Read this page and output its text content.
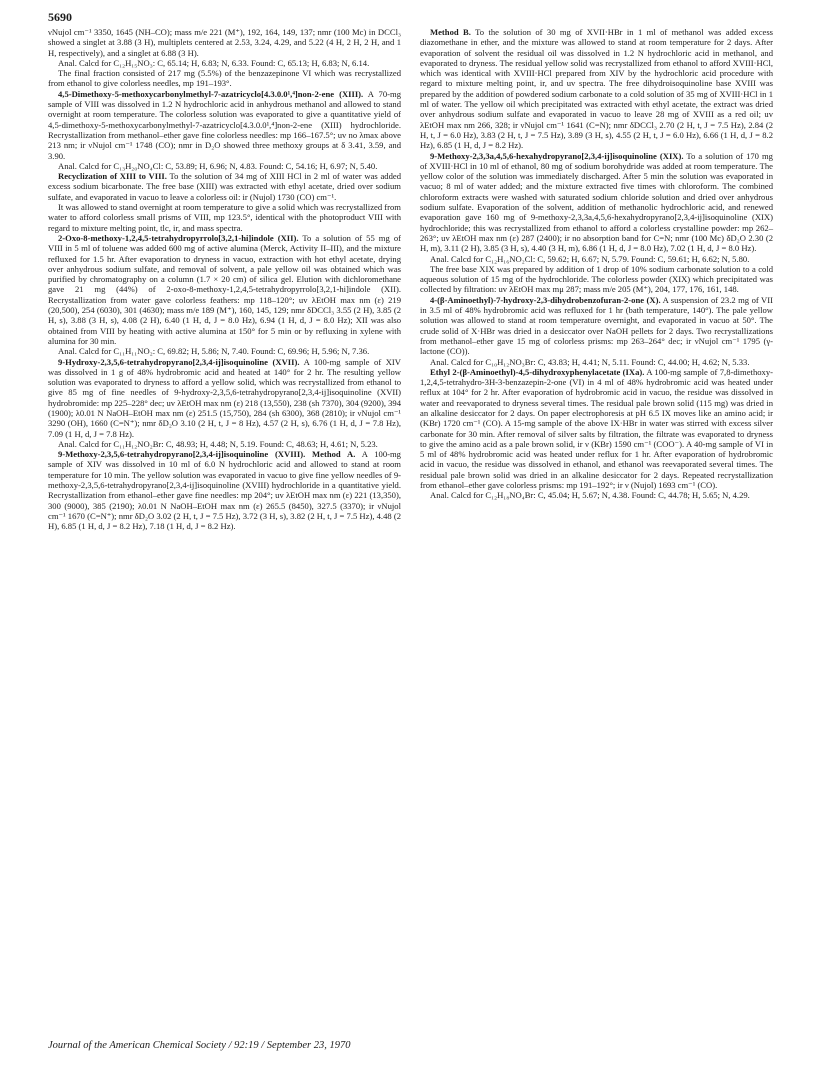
5690

νNujol cm⁻¹ 3350, 1645 (NH–CO); mass m/e 221 (M⁺), 192, 164, 149, 137; nmr (100 Mc) in DCCl₃ showed a singlet at 3.88 (3 H), multiplets centered at 2.53, 3.24, 4.29, and 5.22 (4 H, 2 H, 2 H, and 1 H, respectively), and a singlet at 6.88 (3 H).

Anal. Calcd for C₁₂H₁₅NO₃: C, 65.14; H, 6.83; N, 6.33. Found: C, 65.13; H, 6.83; N, 6.14.

The final fraction consisted of 217 mg (5.5%) of the benzazepinone VI which was recrystallized from ethanol to give colorless needles, mp 191–193°.

4,5-Dimethoxy-5-methoxycarbonylmethyl-7-azatricyclo[4.3.0.0¹,⁴]non-2-ene (XIII). A 70-mg sample of VIII was dissolved in 1.2 N hydrochloric acid in anhydrous methanol and allowed to stand overnight at room temperature. The colorless solution was evaporated to give a quantitative yield of 4,5-dimethoxy-5-methoxycarbonylmethyl-7-azatricyclo[4.3.0.0¹,⁴]non-2-ene (XIII) hydrochloride. Recrystallization from methanol–ether gave fine colorless needles: mp 166–167.5°; uv no λmax above 213 nm; ir νNujol cm⁻¹ 1748 (CO); nmr in D₂O showed three methoxy groups at δ 3.41, 3.59, and 3.90.

Anal. Calcd for C₁₃H₂₀NO₄Cl: C, 53.89; H, 6.96; N, 4.83. Found: C, 54.16; H, 6.97; N, 5.40.

Recyclization of XIII to VIII. To the solution of 34 mg of XIII HCl in 2 ml of water was added excess sodium bicarbonate. The free base (XIII) was extracted with ethyl acetate, dried over sodium sulfate, and evaporated in vacuo to leave a colorless oil: ir (Nujol) 1730 (CO) cm⁻¹.

It was allowed to stand overnight at room temperature to give a solid which was recrystallized from water to afford colorless small prisms of VIII, mp 123.5°, identical with the photoproduct VIII with regard to mixture melting point, tlc, ir, and mass spectra.

2-Oxo-8-methoxy-1,2,4,5-tetrahydropyrrolo[3,2,1-hi]indole (XII). To a solution of 55 mg of VIII in 5 ml of toluene was added 600 mg of active alumina (Merck, Activity II–III), and the mixture refluxed for 1.5 hr. After evaporation to dryness in vacuo, extraction with hot ethyl acetate, drying over anhydrous sodium sulfate, and removal of solvent, a pale yellow oil was obtained which was purified by chromatography on a column (1.7 × 20 cm) of silica gel. Elution with dichloromethane gave 21 mg (44%) of 2-oxo-8-methoxy-1,2,4,5-tetrahydropyrrolo[3,2,1-hi]indole (XII). Recrystallization from water gave colorless feathers: mp 118–120°; uv λEtOH max nm (ε) 219 (20,500), 254 (6030), 301 (4630); mass m/e 189 (M⁺), 160, 145, 129; nmr δDCCl₃ 3.55 (2 H), 3.85 (2 H, s), 3.88 (3 H, s), 4.08 (2 H), 6.40 (1 H, d, J = 8.0 Hz), 6.94 (1 H, d, J = 8.0 Hz); XII was also obtained from VIII by heating with active alumina at 150° for 5 min or by refluxing in xylene with alumina for 30 min.

Anal. Calcd for C₁₁H₁₁NO₂: C, 69.82; H, 5.86; N, 7.40. Found: C, 69.96; H, 5.96; N, 7.36.

9-Hydroxy-2,3,5,6-tetrahydropyrano[2,3,4-ij]isoquinoline (XVII). A 100-mg sample of XIV was dissolved in 1 g of 48% hydrobromic acid and heated at 140° for 2 hr. The resulting yellow solution was evaporated to dryness to afford a yellow solid, which was recrystallized from ethanol to give 85 mg of fine needles of 9-hydroxy-2,3,5,6-tetrahydropyrano[2,3,4-ij]isoquinoline (XVII) hydrobromide: mp 225–228° dec; uv λEtOH max nm (ε) 218 (13,550), 238 (sh 7370), 304 (9200), 394 (1900); λ0.01 N NaOH–EtOH max nm (ε) 251.5 (15,750), 284 (sh 6300), 368 (2810); ir νNujol cm⁻¹ 3290 (OH), 1660 (C=N⁺); nmr δD₂O 3.10 (2 H, t, J = 8 Hz), 4.57 (2 H, s), 6.76 (1 H, d, J = 7.8 Hz), 7.09 (1 H, d, J = 7.8 Hz).

Anal. Calcd for C₁₁H₁₂NO₂Br: C, 48.93; H, 4.48; N, 5.19. Found: C, 48.63; H, 4.61; N, 5.23.

9-Methoxy-2,3,5,6-tetrahydropyrano[2,3,4-ij]isoquinoline (XVIII). Method A. A 100-mg sample of XIV was dissolved in 10 ml of 6.0 N hydrochloric acid and allowed to stand at room temperature for 10 min. The yellow solution was evaporated in vacuo to give fine yellow needles of 9-methoxy-2,3,5,6-tetrahydropyrano[2,3,4-ij]isoquinoline (XVIII) hydrochloride in a quantitative yield. Recrystallization from ethanol–ether gave fine needles: mp 204°; uv λEtOH max nm (ε) 221 (13,350), 300 (9000), 385 (2190); λ0.01 N NaOH–EtOH max nm (ε) 265.5 (8450), 327.5 (3370); ir νNujol cm⁻¹ 1670 (C=N⁺); nmr δD₂O 3.02 (2 H, t, J = 7.5 Hz), 3.72 (3 H, s), 3.82 (2 H, t, J = 7.5 Hz), 4.48 (2 H), 6.85 (1 H, d, J = 8.2 Hz), 7.18 (1 H, d, J = 8.2 Hz).

Method B. To the solution of 30 mg of XVII·HBr in 1 ml of methanol was added excess diazomethane in ether, and the mixture was allowed to stand at room temperature for 2 days. After evaporation of solvent the residual oil was dissolved in 1.2 N hydrochloric acid in methanol, and evaporated to dryness. The residual yellow solid was recrystallized from ethanol to afford XVIII·HCl, which was identical with XVIII·HCl prepared from XIV by the hydrochloric acid procedure with regard to mixture melting point, ir, and uv spectra. The free dihydroisoquinoline base XVIII was prepared by the addition of powdered sodium carbonate to a cold solution of 35 mg of XVIII·HCl in 1 ml of water. The yellow oil which precipitated was extracted with ethyl acetate, the extract was dried over anhydrous sodium sulfate and evaporated in vacuo to leave 28 mg of XVIII as a red oil; uv λEtOH max nm 266, 328; ir νNujol cm⁻¹ 1641 (C=N); nmr δDCCl₃ 2.70 (2 H, t, J = 7.5 Hz), 2.84 (2 H, t, J = 6.0 Hz), 3.83 (2 H, t, J = 7.5 Hz), 3.89 (3 H, s), 4.55 (2 H, t, J = 6.0 Hz), 6.66 (1 H, d, J = 8.2 Hz), 6.85 (1 H, d, J = 8.2 Hz).

9-Methoxy-2,3,3a,4,5,6-hexahydropyrano[2,3,4-ij]isoquinoline (XIX). To a solution of 170 mg of XVIII·HCl in 10 ml of ethanol, 80 mg of sodium borohydride was added at room temperature. The yellow color of the solution was immediately discharged. After 5 min the solution was evaporated in vacuo; 8 ml of water added; and the mixture extracted five times with chloroform. The combined chloroform extracts were washed with saturated sodium chloride solution and dried over anhydrous sodium sulfate. Evaporation of the solvent, addition of methanolic hydrochloric acid, and renewed evaporation gave 160 mg of 9-methoxy-2,3,3a,4,5,6-hexahydropyrano[2,3,4-ij]isoquinoline (XIX) hydrochloride; this was recrystallized from ethanol to afford a colorless crystalline powder: mp 262–263°; uv λEtOH max nm (ε) 287 (2400); ir no absorption band for C=N; nmr (100 Mc) δD₂O 2.30 (2 H, m), 3.11 (2 H), 3.85 (3 H, s), 4.40 (3 H, m), 6.86 (1 H, d, J = 8.0 Hz), 7.02 (1 H, d, J = 8.0 Hz).

Anal. Calcd for C₁₂H₁₆NO₂Cl: C, 59.62; H, 6.67; N, 5.79. Found: C, 59.61; H, 6.62; N, 5.80.

The free base XIX was prepared by addition of 1 drop of 10% sodium carbonate solution to a cold aqueous solution of 15 mg of the hydrochloride. The colorless powder (XIX) which precipitated was collected by filtration: uv λEtOH max mμ 287; mass m/e 205 (M⁺), 204, 177, 176, 161, 148.

4-(β-Aminoethyl)-7-hydroxy-2,3-dihydrobenzofuran-2-one (X). A suspension of 23.2 mg of VII in 3.5 ml of 48% hydrobromic acid was refluxed for 1 hr (bath temperature, 140°). The pale yellow solution was allowed to stand at room temperature overnight, and evaporated in vacuo at 50°. The crude solid of X·HBr was dried in a desiccator over NaOH pellets for 2 days. Two recrystallizations from methanol–ether gave 15 mg of colorless prisms: mp 263–264° dec; ir νNujol cm⁻¹ 1795 (γ-lactone (CO)).

Anal. Calcd for C₁₀H₁₂NO₃Br: C, 43.83; H, 4.41; N, 5.11. Found: C, 44.00; H, 4.62; N, 5.33.

Ethyl 2-(β-Aminoethyl)-4,5-dihydroxyphenylacetate (IXa). A 100-mg sample of 7,8-dimethoxy-1,2,4,5-tetrahydro-3H-3-benzazepin-2-one (VI) in 4 ml of 48% hydrobromic acid was heated under reflux at 104° for 2 hr. After evaporation of hydrobromic acid in vacuo, the residue was dissolved in water and reevaporated to dryness several times. The residual pale brown solid (115 mg) was dried in an alkaline desiccator for 2 days. On paper electrophoresis at pH 6.5 IX moves like an amino acid; ir (KBr) 1720 cm⁻¹ (CO). A 15-mg sample of the above IX·HBr in water was stirred with excess silver carbonate for 30 min. After removal of silver salts by filtration, the filtrate was evaporated to dryness to give the amino acid as a pale brown solid, ir ν (KBr) 1590 cm⁻¹ (COO⁻). A 40-mg sample of VI in 5 ml of 48% hydrobromic acid was heated under reflux for 1 hr. After evaporation of hydrobromic acid in vacuo, the residue was dissolved in ethanol, and ethanol was reevaporated several times. The residual pale brown solid was dried in an alkaline desiccator for 2 days. Repeated recrystallization from ethanol–ether gave colorless prisms: mp 191–192°; ir ν (Nujol) 1693 cm⁻¹ (CO).

Anal. Calcd for C₁₂H₁₈NO₄Br: C, 45.04; H, 5.67; N, 4.38. Found: C, 44.78; H, 5.65; N, 4.29.

Journal of the American Chemical Society / 92:19 / September 23, 1970
